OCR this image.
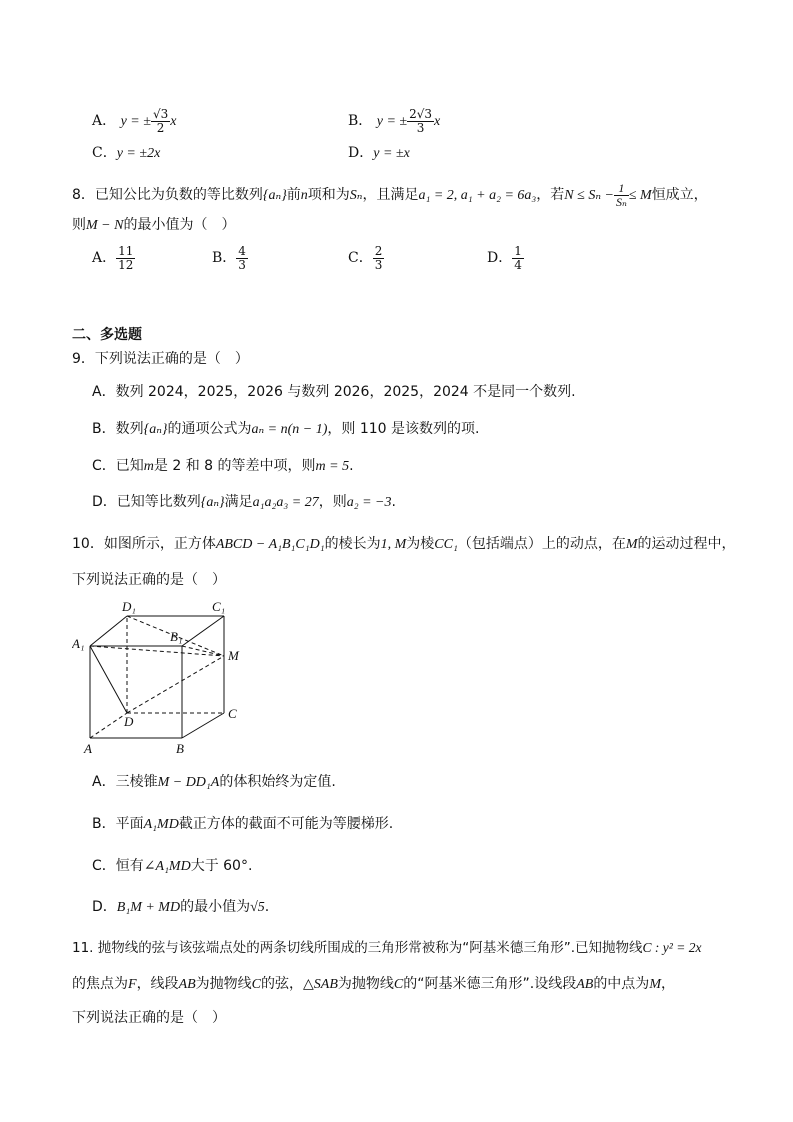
A． y = ± $\frac{√3}{2}$ x	B． y = ± $\frac{2√3}{3}$ x
C．y = ±2x	D．y = ±x
8．已知公比为负数的等比数列{aₙ}前n项和为Sₙ，且满足a₁ = 2, a₁ + a₂ = 6a₃，若$N \le S_n - \frac{1}{\text{Sₙ}} \le M$恒成立，
则M − N的最小值为（　）
A． $\frac{11}{12}$	B． $\frac{4}{3}$	C． $\frac{2}{3}$	D． $\frac{1}{4}$
二、多选题
9．下列说法正确的是（　）
A．数列 2024，2025，2026 与数列 2026，2025，2024 不是同一个数列.
B．数列{aₙ}的通项公式为aₙ = n(n − 1)，则 110 是该数列的项.
C．已知m是 2 和 8 的等差中项，则m = 5.
D．已知等比数列{aₙ}满足a₁a₂a₃ = 27，则a₂ = −3.
10．如图所示，正方体ABCD − A₁B₁C₁D₁的棱长为1, M为棱CC₁（包括端点）上的动点，在M的运动过程中，
下列说法正确的是（　）
D₁	C₁
B₁
A₁
M
D
C
A	B
A．三棱锥M − DD₁A的体积始终为定值.
B．平面A₁MD截正方体的截面不可能为等腰梯形.
C．恒有∠A₁MD大于 60°.
D．B₁M + MD的最小值为√5.
11. 抛物线的弦与该弦端点处的两条切线所围成的三角形常被称为“阿基米德三角形”.已知抛物线C : y² = 2x
的焦点为F，线段AB为抛物线C的弦，△SAB为抛物线C的“阿基米德三角形”.设线段AB的中点为M，
下列说法正确的是（　）
